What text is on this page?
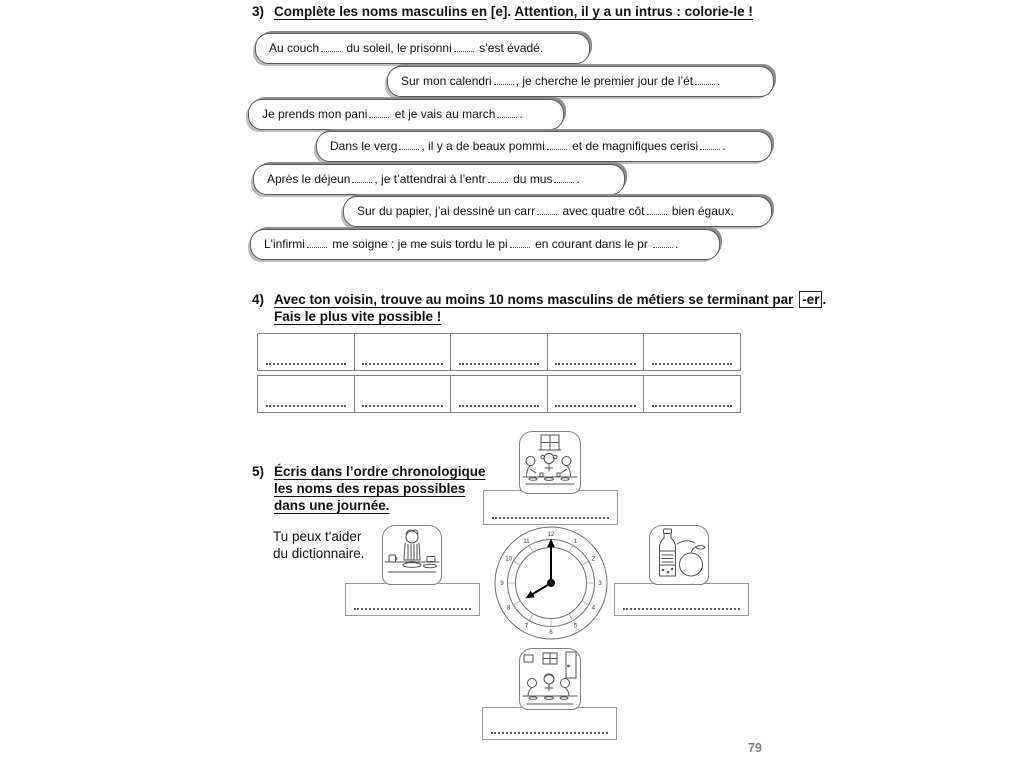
3) Complète les noms masculins en [e]. Attention, il y a un intrus : colorie-le !
Au couch du soleil, le prisonni s’est évadé.
Sur mon calendri , je cherche le premier jour de l’ét .
Je prends mon pani et je vais au march .
Dans le verg , il y a de beaux pommi et de magnifiques cerisi .
Après le déjeun , je t’attendrai à l’entr du mus .
Sur du papier, j’ai dessiné un carr avec quatre côt bien égaux.
L'infirmi me soigne : je me suis tordu le pi en courant dans le pr .
4) Avec ton voisin, trouve au moins 10 noms masculins de métiers se terminant par -er .
Fais le plus vite possible !
5) Écris dans l’ordre chronologique
les noms des repas possibles
dans une journée.
Tu peux t'aider
du dictionnaire.
1
2
3
4
5
6
7
8
9
10
11
12
79
